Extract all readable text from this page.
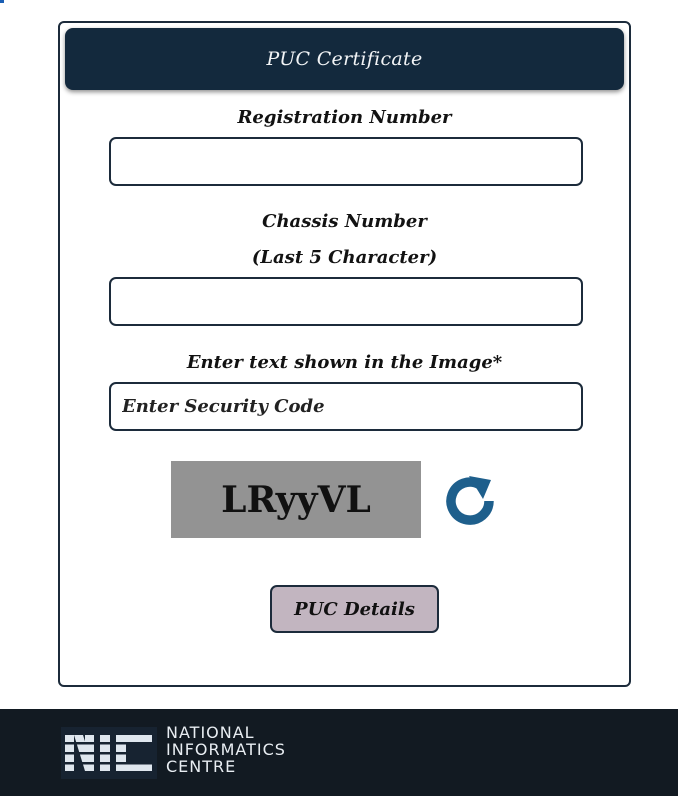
PUC Certificate
Registration Number
Chassis Number
(Last 5 Character)
Enter text shown in the Image*
Enter Security Code
LRyyVL
PUC Details
NATIONAL
INFORMATICS
CENTRE
